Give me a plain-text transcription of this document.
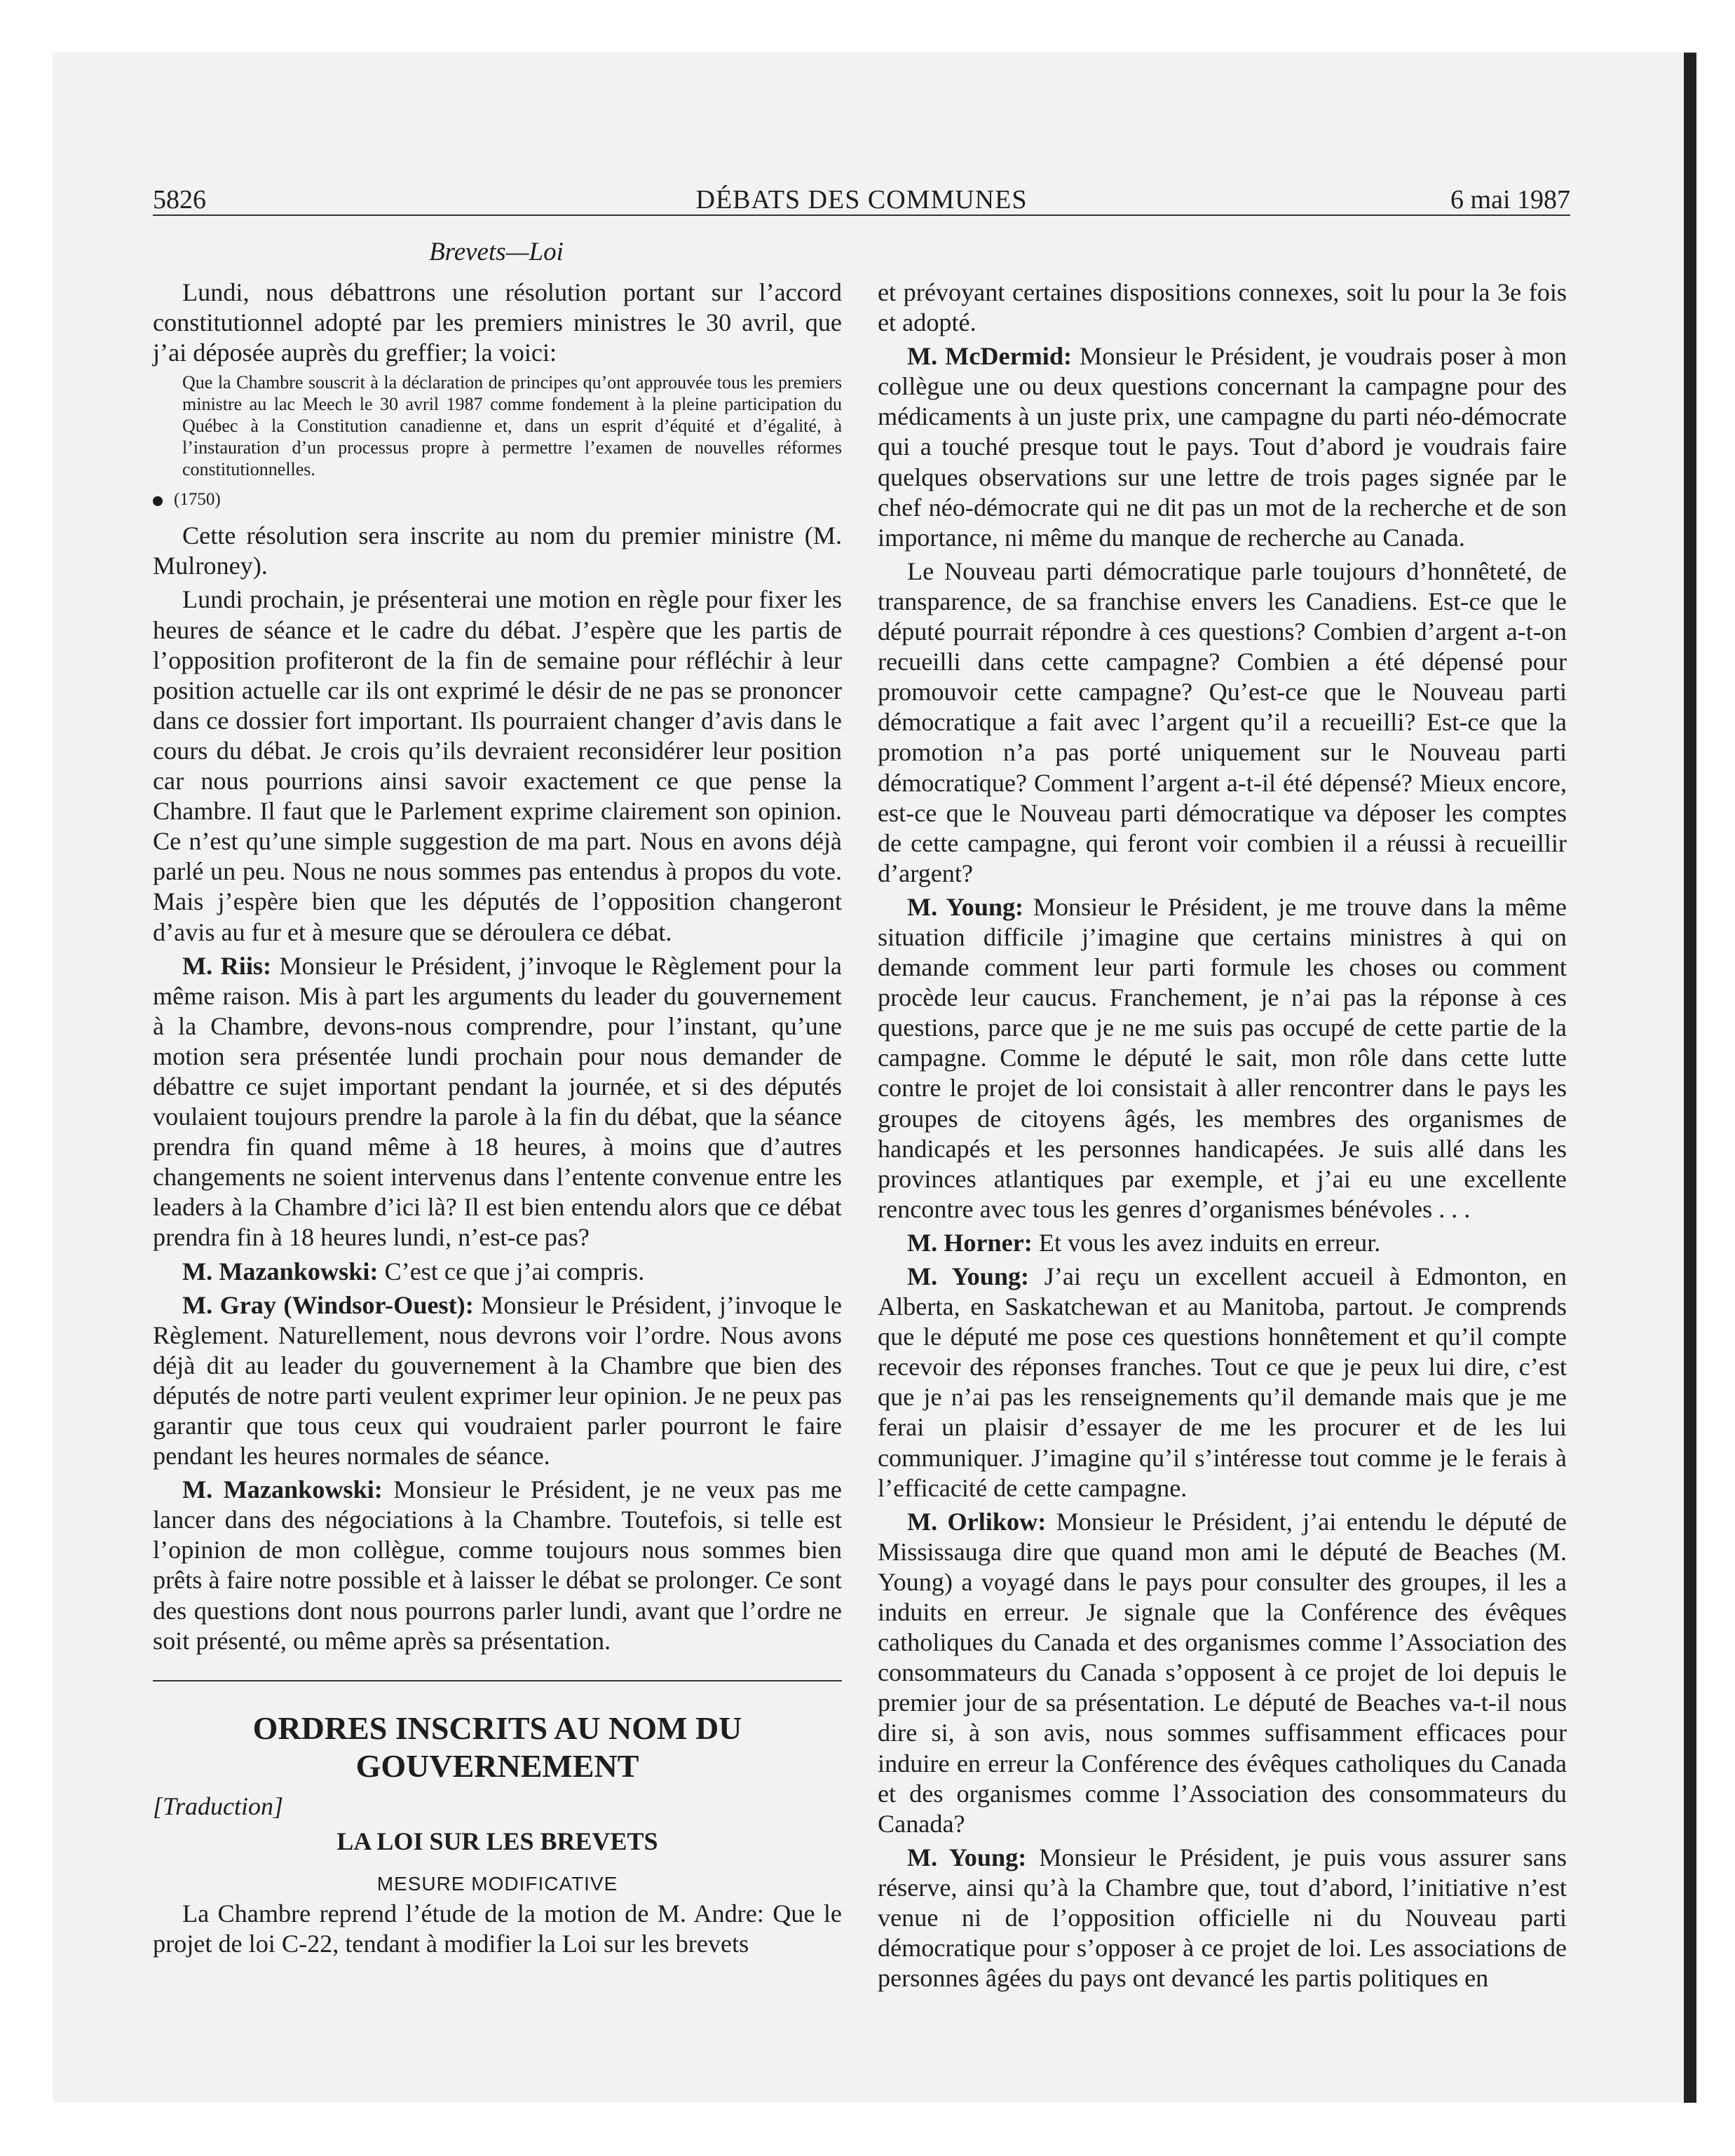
5826	DÉBATS DES COMMUNES	6 mai 1987
Brevets—Loi

Lundi, nous débattrons une résolution portant sur l’accord constitutionnel adopté par les premiers ministres le 30 avril, que j’ai déposée auprès du greffier; la voici:

Que la Chambre souscrit à la déclaration de principes qu’ont approuvée tous les premiers ministre au lac Meech le 30 avril 1987 comme fondement à la pleine participation du Québec à la Constitution canadienne et, dans un esprit d’équité et d’égalité, à l’instauration d’un processus propre à permettre l’examen de nouvelles réformes constitutionnelles.

(1750)

Cette résolution sera inscrite au nom du premier ministre (M. Mulroney).

Lundi prochain, je présenterai une motion en règle pour fixer les heures de séance et le cadre du débat. J’espère que les partis de l’opposition profiteront de la fin de semaine pour réfléchir à leur position actuelle car ils ont exprimé le désir de ne pas se prononcer dans ce dossier fort important. Ils pourraient changer d’avis dans le cours du débat. Je crois qu’ils devraient reconsidérer leur position car nous pourrions ainsi savoir exactement ce que pense la Chambre. Il faut que le Parlement exprime clairement son opinion. Ce n’est qu’une simple suggestion de ma part. Nous en avons déjà parlé un peu. Nous ne nous sommes pas entendus à propos du vote. Mais j’espère bien que les députés de l’opposition changeront d’avis au fur et à mesure que se déroulera ce débat.

M. Riis: Monsieur le Président, j’invoque le Règlement pour la même raison. Mis à part les arguments du leader du gouvernement à la Chambre, devons-nous comprendre, pour l’instant, qu’une motion sera présentée lundi prochain pour nous demander de débattre ce sujet important pendant la journée, et si des députés voulaient toujours prendre la parole à la fin du débat, que la séance prendra fin quand même à 18 heures, à moins que d’autres changements ne soient intervenus dans l’entente convenue entre les leaders à la Chambre d’ici là? Il est bien entendu alors que ce débat prendra fin à 18 heures lundi, n’est-ce pas?

M. Mazankowski: C’est ce que j’ai compris.

M. Gray (Windsor-Ouest): Monsieur le Président, j’invoque le Règlement. Naturellement, nous devrons voir l’ordre. Nous avons déjà dit au leader du gouvernement à la Chambre que bien des députés de notre parti veulent exprimer leur opinion. Je ne peux pas garantir que tous ceux qui voudraient parler pourront le faire pendant les heures normales de séance.

M. Mazankowski: Monsieur le Président, je ne veux pas me lancer dans des négociations à la Chambre. Toutefois, si telle est l’opinion de mon collègue, comme toujours nous sommes bien prêts à faire notre possible et à laisser le débat se prolonger. Ce sont des questions dont nous pourrons parler lundi, avant que l’ordre ne soit présenté, ou même après sa présentation.

ORDRES INSCRITS AU NOM DU
GOUVERNEMENT
[Traduction]
LA LOI SUR LES BREVETS
MESURE MODIFICATIVE

La Chambre reprend l’étude de la motion de M. Andre: Que le projet de loi C-22, tendant à modifier la Loi sur les brevets

et prévoyant certaines dispositions connexes, soit lu pour la 3e fois et adopté.

M. McDermid: Monsieur le Président, je voudrais poser à mon collègue une ou deux questions concernant la campagne pour des médicaments à un juste prix, une campagne du parti néo-démocrate qui a touché presque tout le pays. Tout d’abord je voudrais faire quelques observations sur une lettre de trois pages signée par le chef néo-démocrate qui ne dit pas un mot de la recherche et de son importance, ni même du manque de recherche au Canada.

Le Nouveau parti démocratique parle toujours d’honnêteté, de transparence, de sa franchise envers les Canadiens. Est-ce que le député pourrait répondre à ces questions? Combien d’argent a-t-on recueilli dans cette campagne? Combien a été dépensé pour promouvoir cette campagne? Qu’est-ce que le Nouveau parti démocratique a fait avec l’argent qu’il a recueilli? Est-ce que la promotion n’a pas porté uniquement sur le Nouveau parti démocratique? Comment l’argent a-t-il été dépensé? Mieux encore, est-ce que le Nouveau parti démocratique va déposer les comptes de cette campagne, qui feront voir combien il a réussi à recueillir d’argent?

M. Young: Monsieur le Président, je me trouve dans la même situation difficile j’imagine que certains ministres à qui on demande comment leur parti formule les choses ou comment procède leur caucus. Franchement, je n’ai pas la réponse à ces questions, parce que je ne me suis pas occupé de cette partie de la campagne. Comme le député le sait, mon rôle dans cette lutte contre le projet de loi consistait à aller rencontrer dans le pays les groupes de citoyens âgés, les membres des organismes de handicapés et les personnes handicapées. Je suis allé dans les provinces atlantiques par exemple, et j’ai eu une excellente rencontre avec tous les genres d’organismes bénévoles . . .

M. Horner: Et vous les avez induits en erreur.

M. Young: J’ai reçu un excellent accueil à Edmonton, en Alberta, en Saskatchewan et au Manitoba, partout. Je comprends que le député me pose ces questions honnêtement et qu’il compte recevoir des réponses franches. Tout ce que je peux lui dire, c’est que je n’ai pas les renseignements qu’il demande mais que je me ferai un plaisir d’essayer de me les procurer et de les lui communiquer. J’imagine qu’il s’intéresse tout comme je le ferais à l’efficacité de cette campagne.

M. Orlikow: Monsieur le Président, j’ai entendu le député de Mississauga dire que quand mon ami le député de Beaches (M. Young) a voyagé dans le pays pour consulter des groupes, il les a induits en erreur. Je signale que la Conférence des évêques catholiques du Canada et des organismes comme l’Association des consommateurs du Canada s’opposent à ce projet de loi depuis le premier jour de sa présentation. Le député de Beaches va-t-il nous dire si, à son avis, nous sommes suffisamment efficaces pour induire en erreur la Conférence des évêques catholiques du Canada et des organismes comme l’Association des consommateurs du Canada?

M. Young: Monsieur le Président, je puis vous assurer sans réserve, ainsi qu’à la Chambre que, tout d’abord, l’initiative n’est venue ni de l’opposition officielle ni du Nouveau parti démocratique pour s’opposer à ce projet de loi. Les associations de personnes âgées du pays ont devancé les partis politiques en
